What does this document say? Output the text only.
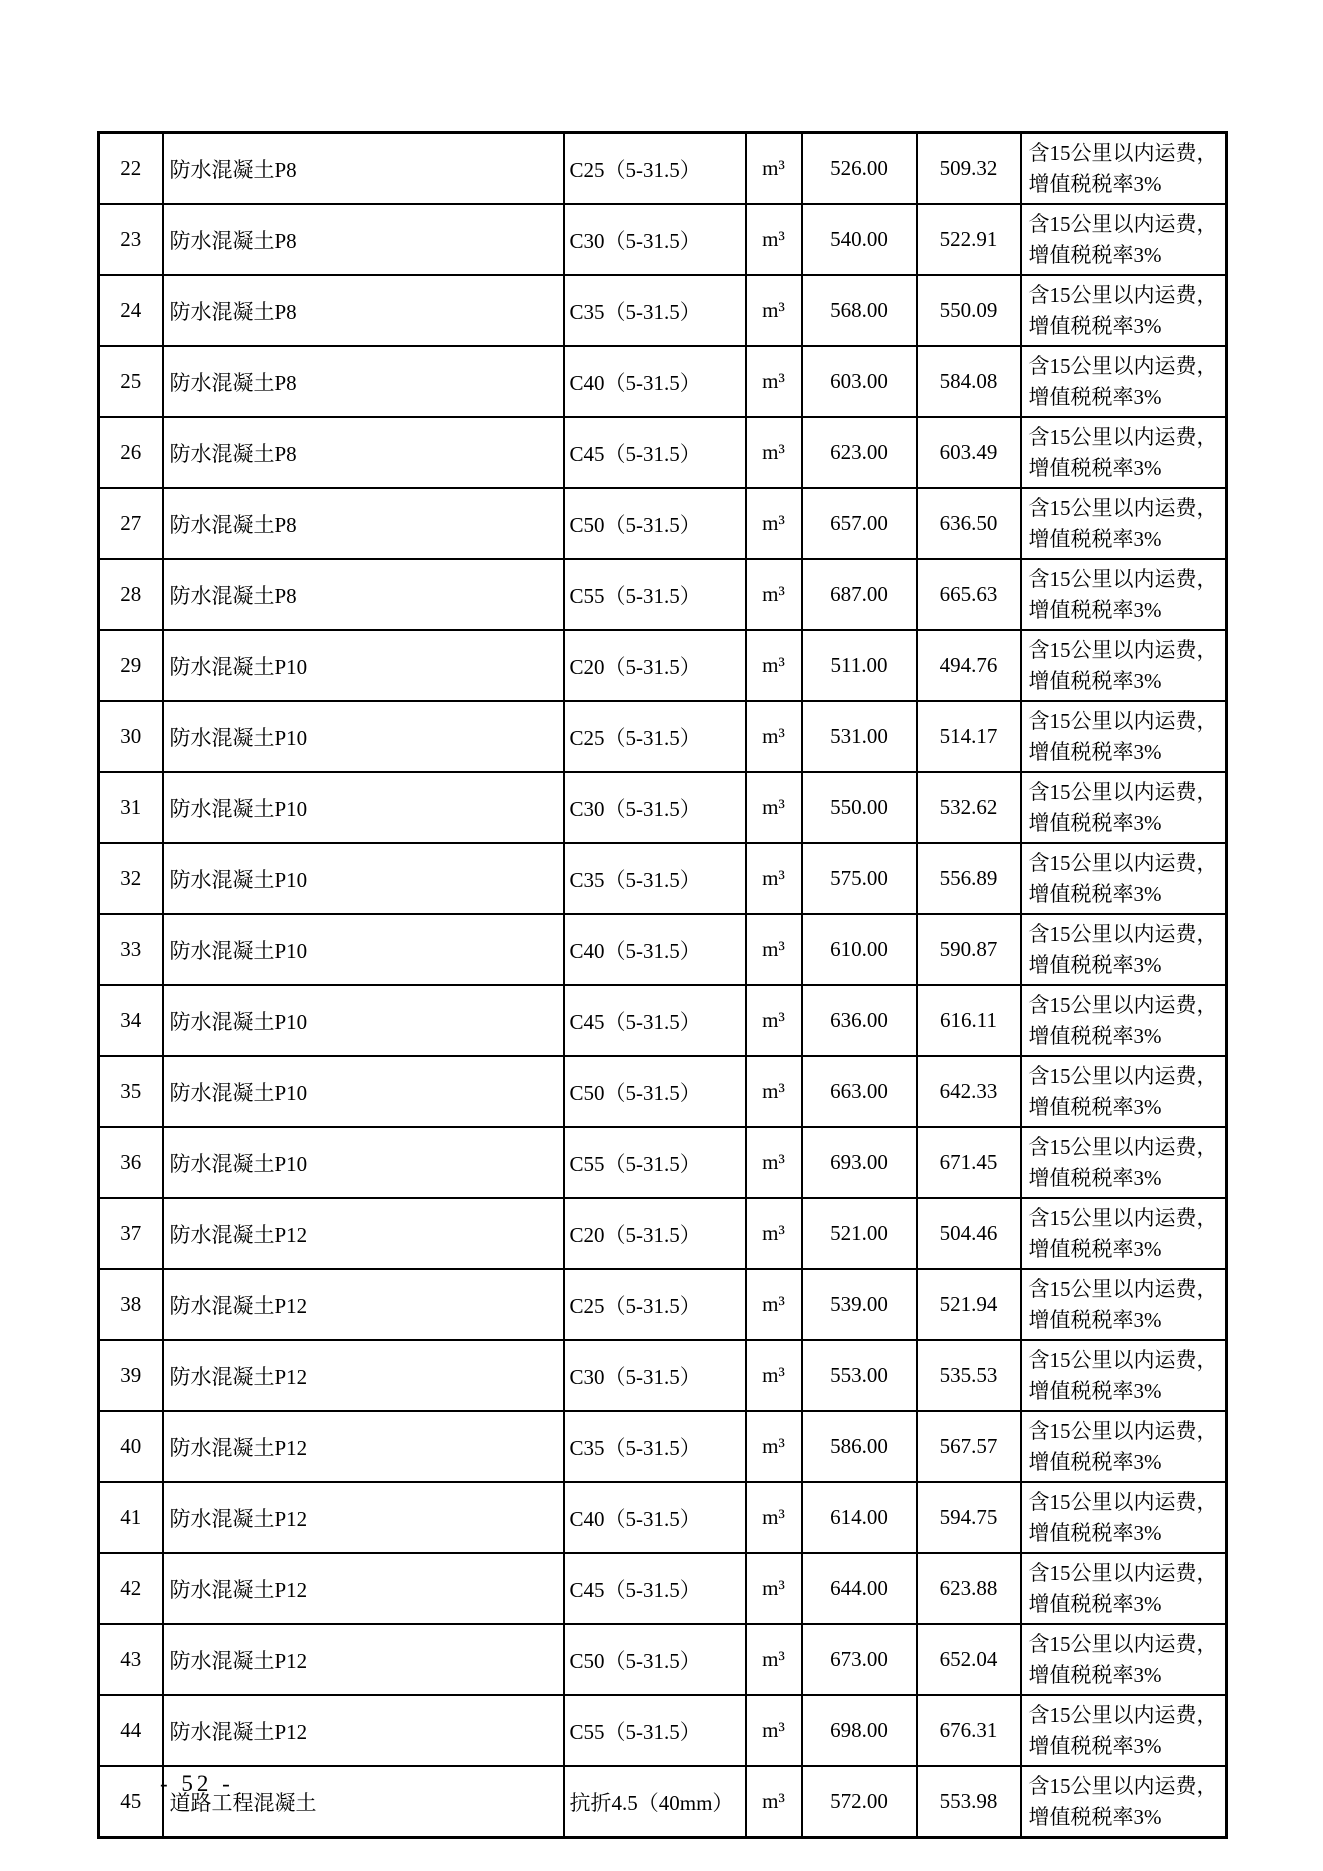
22	防水混凝土P8	C25（5-31.5）	m³	526.00	509.32	含15公里以内运费，
增值税税率3%

23	防水混凝土P8	C30（5-31.5）	m³	540.00	522.91	含15公里以内运费，
增值税税率3%

24	防水混凝土P8	C35（5-31.5）	m³	568.00	550.09	含15公里以内运费，
增值税税率3%

25	防水混凝土P8	C40（5-31.5）	m³	603.00	584.08	含15公里以内运费，
增值税税率3%

26	防水混凝土P8	C45（5-31.5）	m³	623.00	603.49	含15公里以内运费，
增值税税率3%

27	防水混凝土P8	C50（5-31.5）	m³	657.00	636.50	含15公里以内运费，
增值税税率3%

28	防水混凝土P8	C55（5-31.5）	m³	687.00	665.63	含15公里以内运费，
增值税税率3%

29	防水混凝土P10	C20（5-31.5）	m³	511.00	494.76	含15公里以内运费，
增值税税率3%

30	防水混凝土P10	C25（5-31.5）	m³	531.00	514.17	含15公里以内运费，
增值税税率3%

31	防水混凝土P10	C30（5-31.5）	m³	550.00	532.62	含15公里以内运费，
增值税税率3%

32	防水混凝土P10	C35（5-31.5）	m³	575.00	556.89	含15公里以内运费，
增值税税率3%

33	防水混凝土P10	C40（5-31.5）	m³	610.00	590.87	含15公里以内运费，
增值税税率3%

34	防水混凝土P10	C45（5-31.5）	m³	636.00	616.11	含15公里以内运费，
增值税税率3%

35	防水混凝土P10	C50（5-31.5）	m³	663.00	642.33	含15公里以内运费，
增值税税率3%

36	防水混凝土P10	C55（5-31.5）	m³	693.00	671.45	含15公里以内运费，
增值税税率3%

37	防水混凝土P12	C20（5-31.5）	m³	521.00	504.46	含15公里以内运费，
增值税税率3%

38	防水混凝土P12	C25（5-31.5）	m³	539.00	521.94	含15公里以内运费，
增值税税率3%

39	防水混凝土P12	C30（5-31.5）	m³	553.00	535.53	含15公里以内运费，
增值税税率3%

40	防水混凝土P12	C35（5-31.5）	m³	586.00	567.57	含15公里以内运费，
增值税税率3%

41	防水混凝土P12	C40（5-31.5）	m³	614.00	594.75	含15公里以内运费，
增值税税率3%

42	防水混凝土P12	C45（5-31.5）	m³	644.00	623.88	含15公里以内运费，
增值税税率3%

43	防水混凝土P12	C50（5-31.5）	m³	673.00	652.04	含15公里以内运费，
增值税税率3%

44	防水混凝土P12	C55（5-31.5）	m³	698.00	676.31	含15公里以内运费，
增值税税率3%

45	道路工程混凝土	抗折4.5（40mm）	m³	572.00	553.98	含15公里以内运费，
增值税税率3%
- 52 -
